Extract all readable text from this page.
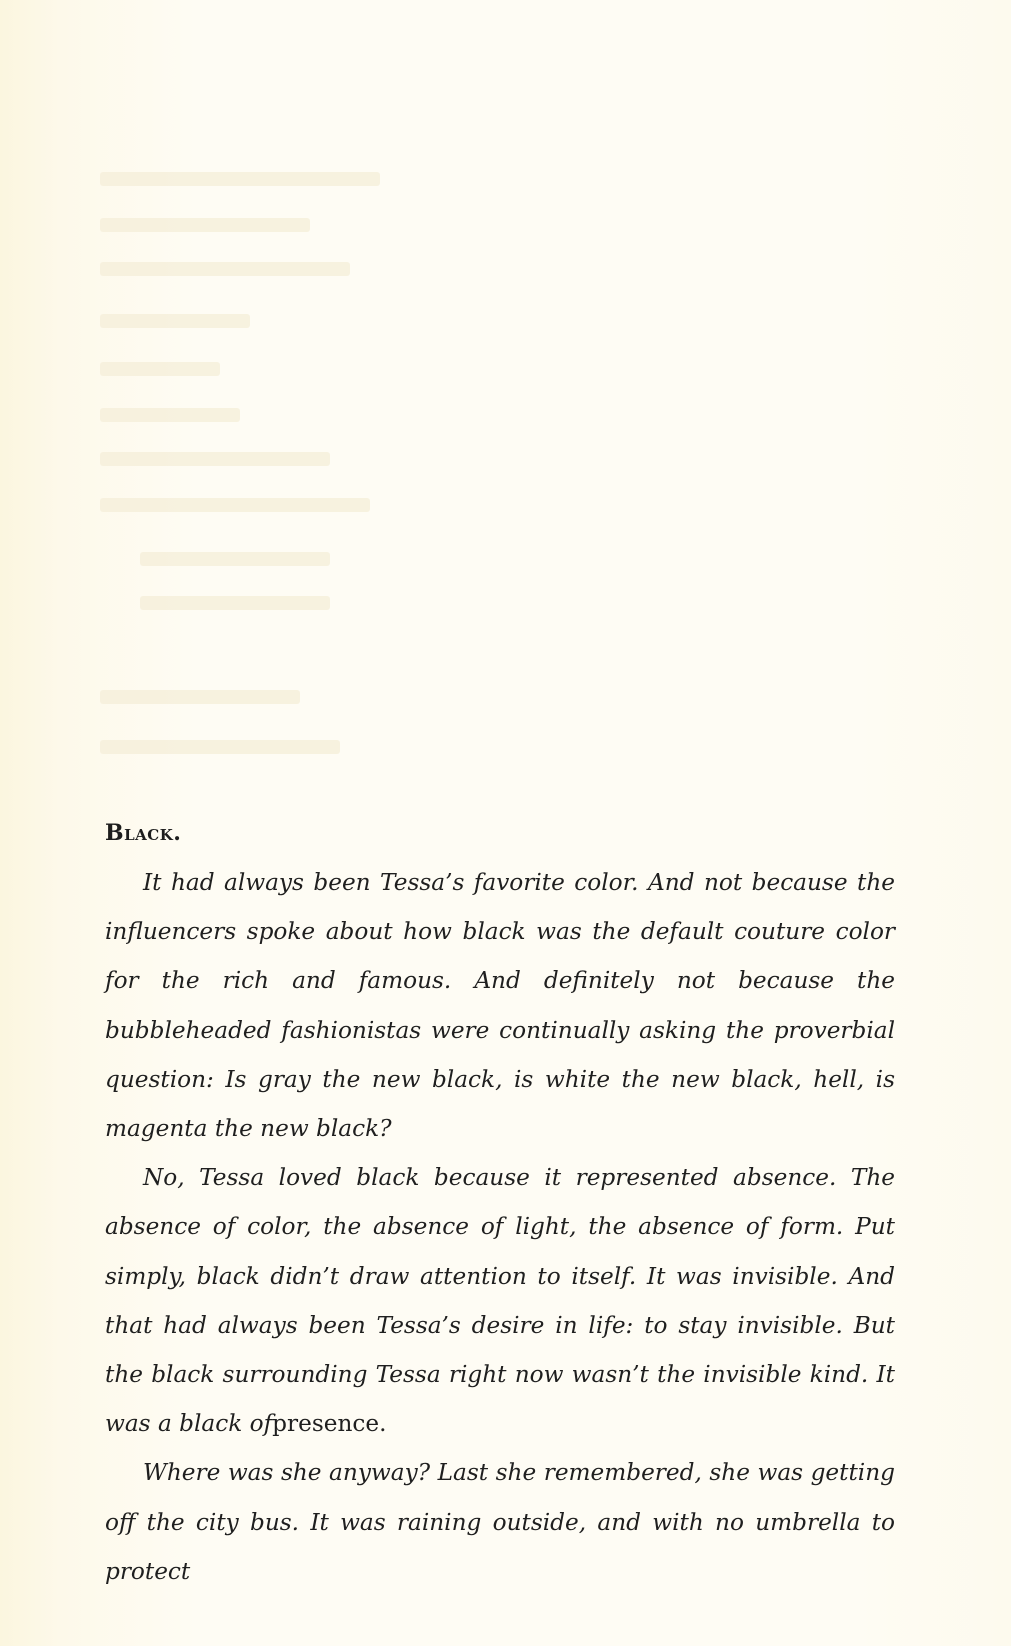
Black.

It had always been Tessa’s favorite color. And not because the influencers spoke about how black was the default couture color for the rich and famous. And definitely not because the bubbleheaded fashionistas were continually asking the proverbial question: Is gray the new black, is white the new black, hell, is magenta the new black?

No, Tessa loved black because it represented absence. The absence of color, the absence of light, the absence of form. Put simply, black didn’t draw attention to itself. It was invisible. And that had always been Tessa’s desire in life: to stay invisible. But the black surrounding Tessa right now wasn’t the invisible kind. It was a black ofpresence.

Where was she anyway? Last she remembered, she was getting off the city bus. It was raining outside, and with no umbrella to protect
